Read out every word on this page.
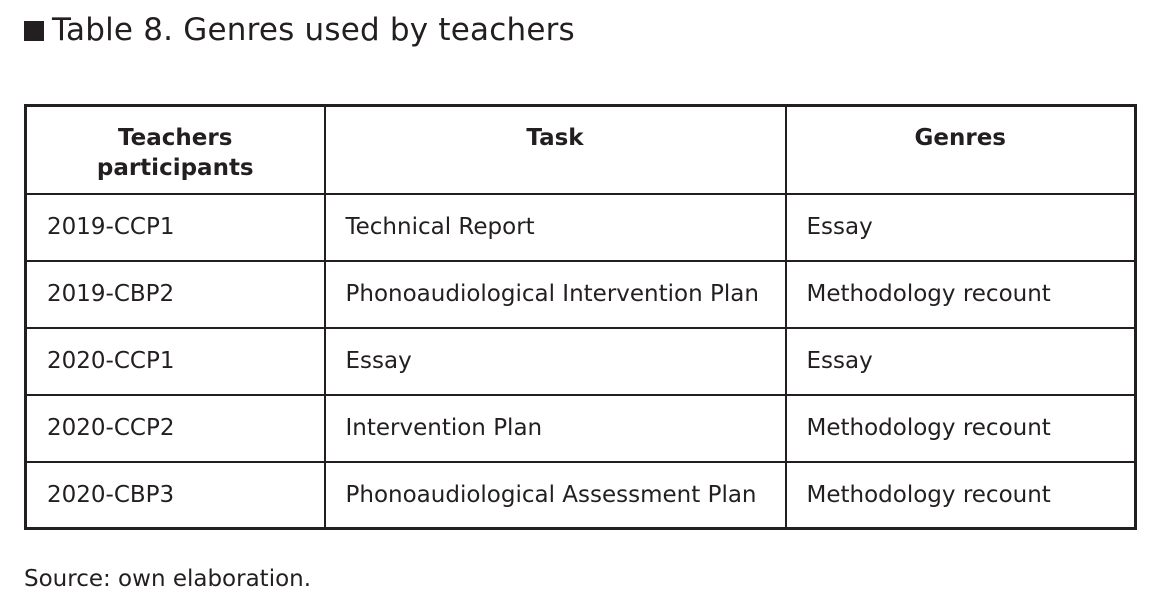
Table 8. Genres used by teachers
Teachers participants	Task	Genres
2019-CCP1	Technical Report	Essay
2019-CBP2	Phonoaudiological Intervention Plan	Methodology recount
2020-CCP1	Essay	Essay
2020-CCP2	Intervention Plan	Methodology recount
2020-CBP3	Phonoaudiological Assessment Plan	Methodology recount
Source: own elaboration.
